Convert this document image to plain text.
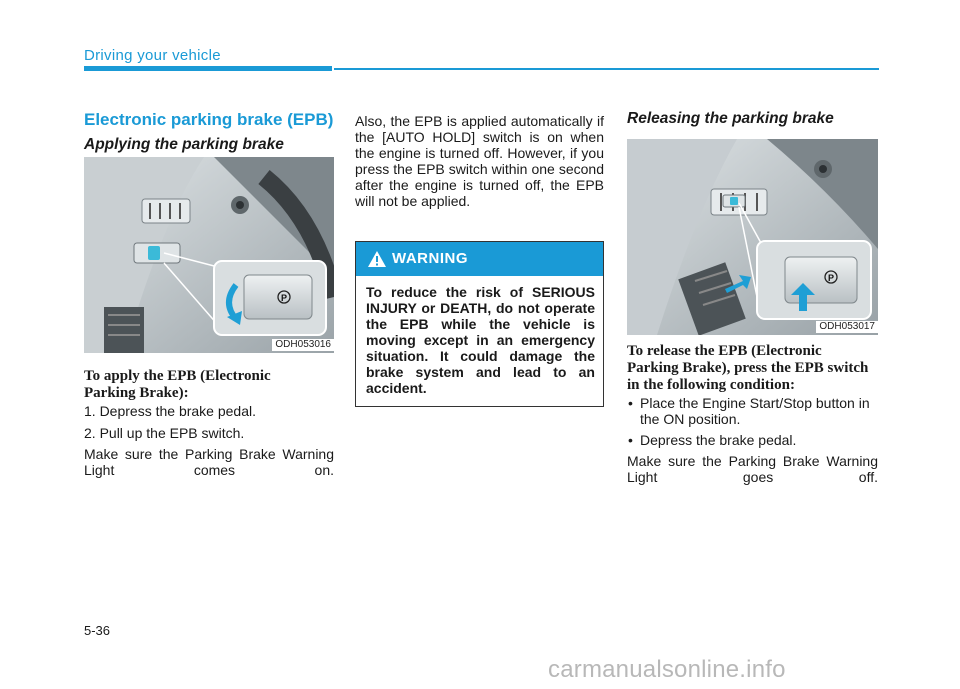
Driving your vehicle
Electronic parking brake (EPB)
Applying the parking brake
P
ODH053016
To apply the EPB (Electronic Parking Brake):
1. Depress the brake pedal.
2. Pull up the EPB switch.
Make sure the Parking Brake Warning Light comes on.
Also, the EPB is applied automatically if the [AUTO HOLD] switch is on when the engine is turned off. However, if you press the EPB switch within one second after the engine is turned off, the EPB will not be applied.
WARNING
To reduce the risk of SERIOUS INJURY or DEATH, do not operate the EPB while the vehicle is moving except in an emergency situation. It could damage the brake system and lead to an accident.
Releasing the parking brake
P
ODH053017
To release the EPB (Electronic Parking Brake), press the EPB switch in the following condition:
• Place the Engine Start/Stop button in the ON position.
• Depress the brake pedal.
Make sure the Parking Brake Warning Light goes off.
5-36
carmanualsonline.info
